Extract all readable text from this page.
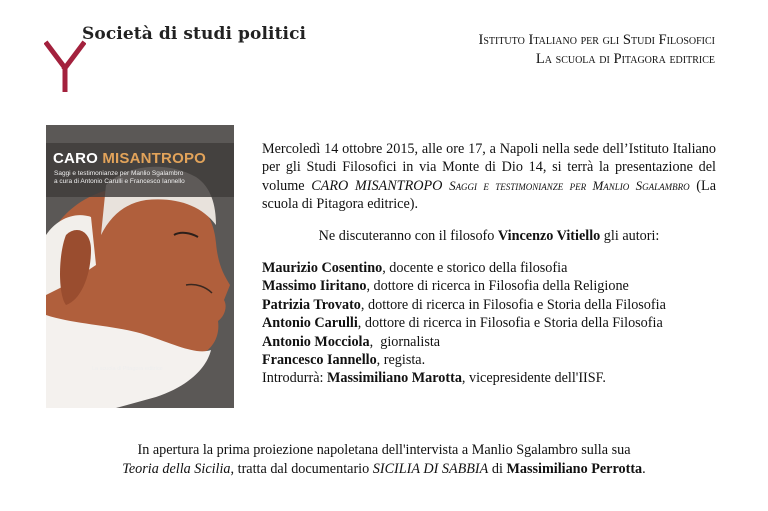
Società di studi politici	Istituto Italiano per gli Studi Filosofici
La scuola di Pitagora editrice
CARO MISANTROPO
Saggi e testimonianze per Manlio Sgalambro
a cura di Antonio Carulli e Francesco Iannello
La scuola di Pitagora editrice

Mercoledì 14 ottobre 2015, alle ore 17, a Napoli nella sede dell’Istituto Italiano per gli Studi Filosofici in via Monte di Dio 14, si terrà la presentazione del volume CARO MISANTROPO Saggi e testimonianze per Manlio Sgalambro (La scuola di Pitagora editrice).

Ne discuteranno con il filosofo Vincenzo Vitiello gli autori:

Maurizio Cosentino, docente e storico della filosofia
Massimo Iiritano, dottore di ricerca in Filosofia della Religione
Patrizia Trovato, dottore di ricerca in Filosofia e Storia della Filosofia
Antonio Carulli, dottore di ricerca in Filosofia e Storia della Filosofia
Antonio Mocciola,  giornalista
Francesco Iannello, regista.
Introdurrà: Massimiliano Marotta, vicepresidente dell'IISF.
In apertura la prima proiezione napoletana dell'intervista a Manlio Sgalambro sulla sua
Teoria della Sicilia, tratta dal documentario SICILIA DI SABBIA di Massimiliano Perrotta.
